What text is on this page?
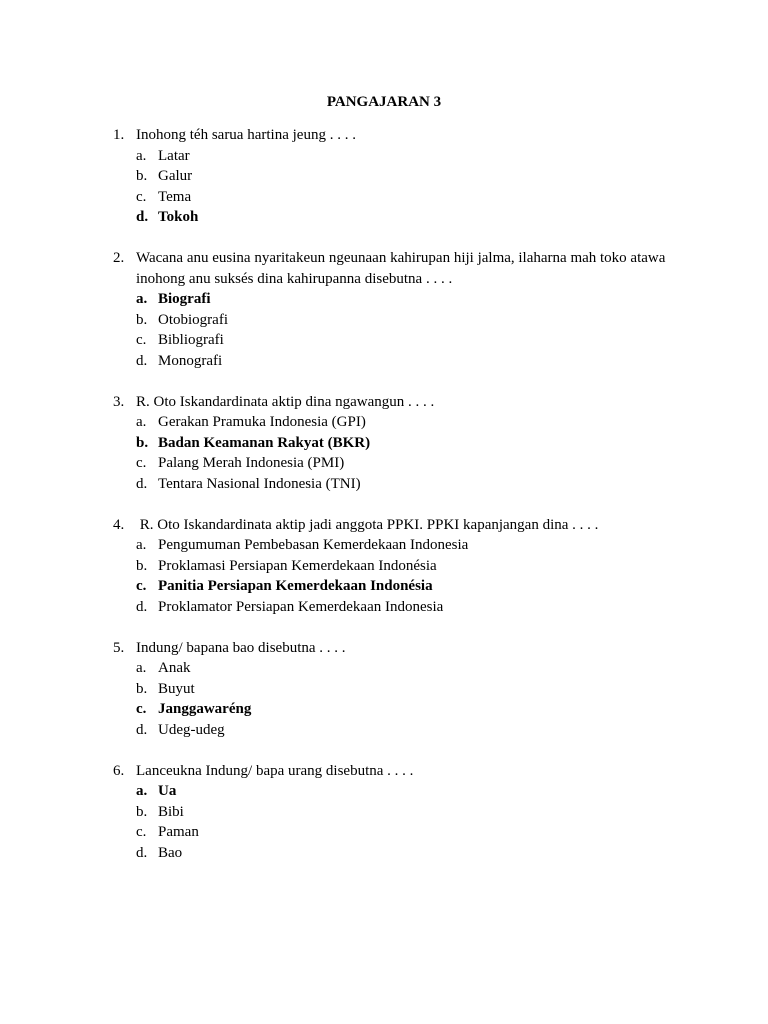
PANGAJARAN 3
1. Inohong téh sarua hartina jeung . . . .
a. Latar
b. Galur
c. Tema
d. Tokoh
2. Wacana anu eusina nyaritakeun ngeunaan kahirupan hiji jalma, ilaharna mah toko atawa inohong anu suksés dina kahirupanna disebutna . . . .
a. Biografi
b. Otobiografi
c. Bibliografi
d. Monografi
3. R. Oto Iskandardinata aktip dina ngawangun . . . .
a. Gerakan Pramuka Indonesia (GPI)
b. Badan Keamanan Rakyat (BKR)
c. Palang Merah Indonesia (PMI)
d. Tentara Nasional Indonesia (TNI)
4. R. Oto Iskandardinata aktip jadi anggota PPKI. PPKI kapanjangan dina . . . .
a. Pengumuman Pembebasan Kemerdekaan Indonesia
b. Proklamasi Persiapan Kemerdekaan Indonésia
c. Panitia Persiapan Kemerdekaan Indonésia
d. Proklamator Persiapan Kemerdekaan Indonesia
5. Indung/ bapana bao disebutna . . . .
a. Anak
b. Buyut
c. Janggawaréng
d. Udeg-udeg
6. Lanceukna Indung/ bapa urang disebutna . . . .
a. Ua
b. Bibi
c. Paman
d. Bao
